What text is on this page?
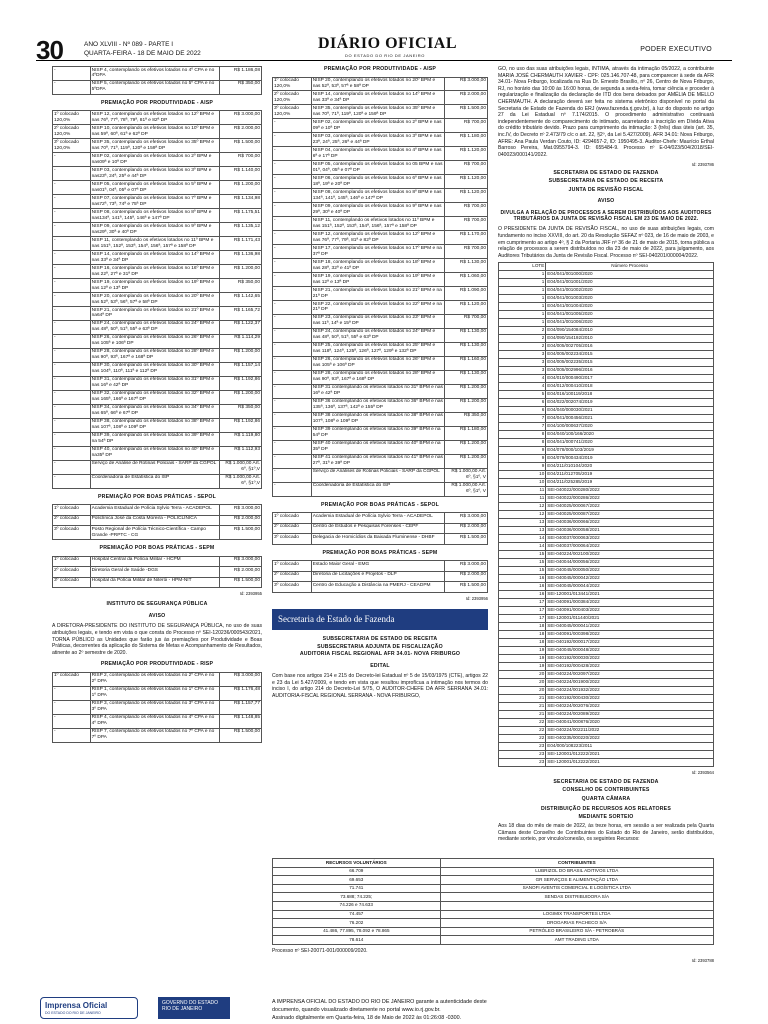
30	ANO XLVIII - Nº 089 - PARTE I
QUARTA-FEIRA - 18 DE MAIO DE 2022
DIÁRIO OFICIAL
DO ESTADO DO RIO DE JANEIRO
PODER EXECUTIVO
-	NISP 4, contemplando os efetivos lotados no 4º CPA e no 4ºDPA	R$ 1.186,08
-	NISP 5, contemplando os efetivos lotados no 5º CPA e no 5ºDPA	R$ 350,00
PREMIAÇÃO POR PRODUTIVIDADE - AISP
1º colocado 120,0%	NISP 12, contemplando os efetivos lotados no 12º BPM e nas 76ª, 77ª, 78ª, 79ª, 81ª e 82ª DP	R$ 3.000,00
2º colocado 120,0%	NISP 10, contemplando os efetivos lotados no 10º BPM e nas 59ª, 60ª, 61ª e 62ª DP	R$ 2.000,00
3º colocado 120,0%	NISP 35, contemplando os efetivos lotados no 35º BPM e nas 70ª, 71ª, 119ª, 120ª e 159ª DP	R$ 1.500,00
-	NISP 02, contemplando os efetivos lotados no 2º BPM e nas09ª e 10ª DP	R$ 700,00
-	NISP 03, contemplando os efetivos lotados no 3º BPM e nas23ª, 24ª, 25ª e 44ª DP	R$ 1.140,00
-	NISP 05, contemplando os efetivos lotados no 5º BPM e nas01ª, 04ª, 05ª e 07ª DP	R$ 1.200,00
-	NISP 07, contemplando os efetivos lotados no 7º BPM e nas72ª, 73ª, 74ª e 75ª DP	R$ 1.134,98
-	NISP 08, contemplando os efetivos lotados no 8º BPM e nas134ª, 141ª, 145ª, 146ª e 147ª DP	R$ 1.175,51
-	NISP 09, contemplando os efetivos lotados no 9º BPM e nas29ª, 30ª e 40ª DP	R$ 1.135,12
-	NISP 11, contemplando os efetivos lotados no 11º BPM e nas 151ª, 152ª, 153ª, 154ª, 156ª, 157ª e 158ª DP	R$ 1.171,43
-	NISP 14, contemplando os efetivos lotados no 14º BPM e nas 33ª e 34ª DP	R$ 1.136,98
-	NISP 16, contemplando os efetivos lotados no 16º BPM e nas 22ª, 27ª e 31ª DP	R$ 1.200,00
-	NISP 19, contemplando os efetivos lotados no 19º BPM e nas 12ª e 13ª DP	R$ 350,00
-	NISP 20, contemplando os efetivos lotados no 20º BPM e nas 52ª, 53ª, 56ª, 57ª e 58ª DP	R$ 1.142,65
-	NISP 21, contemplando os efetivos lotados no 21º BPM e na64ª DP	R$ 1.165,72
-	NISP 24, contemplando os efetivos lotados no 24º BPM e nas 48ª, 50ª, 51ª, 55ª e 63ª DP	R$ 1.122,37
-	NISP 26, contemplando os efetivos lotados no 26º BPM e nas 105ª e 106ª DP	R$ 1.114,29
-	NISP 28, contemplando os efetivos lotados no 28º BPM e nas 90ª, 93ª, 167ª e 168ª DP	R$ 1.200,00
-	NISP 30, contemplando os efetivos lotados no 30º BPM e nas 104ª, 110ª, 111ª e 112ª DP	R$ 1.157,14
-	NISP 31, contemplando os efetivos lotados no 31º BPM e nas 16ª e 42ª DP	R$ 1.192,86
-	NISP 32, contemplando os efetivos lotados no 32º BPM e nas 165ª, 166ª e 167ª DP	R$ 1.200,00
-	NISP 34, contemplando os efetivos lotados no 34º BPM e nas 65ª, 66ª e 67ª DP	R$ 350,00
-	NISP 38, contemplando os efetivos lotados no 38º BPM e nas 107ª, 108ª e 109ª DP	R$ 1.192,86
-	NISP 39, contemplando os efetivos lotados no 39º BPM e na 54ª DP	R$ 1.119,80
-	NISP 40, contemplando os efetivos lotados no 40º BPM e na35ª DP	R$ 1.112,93
-	Serviço de Análise de Rotinas Policiais - SARP da CGPOL	R$ 1.000,00 Art. 6º, §1º,V
-	Coordenadoria de Estatística do ISP	R$ 1.000,00 Art. 6º, §1º,V
PREMIAÇÃO POR BOAS PRÁTICAS - SEPOL
1º colocado	Academia Estadual de Polícia Sylvio Terra - ACADEPOL	R$ 3.000,00
2º colocado	Policlínica José da Costa Moreira - POLICLÍNICA	R$ 2.000,00
3º colocado	Posto Regional de Polícia Técnico-Científica - Campo Grande -PRPTC - CG	R$ 1.500,00
PREMIAÇÃO POR BOAS PRÁTICAS - SEPM
1º colocado	Hospital Central da Polícia Militar - HCPM	R$ 3.000,00
2º colocado	Diretoria Geral de Saúde -DGS	R$ 2.000,00
3º colocado	Hospital da Polícia Militar de Niterói - HPM-NIT	R$ 1.500,00
Id: 2393955
INSTITUTO DE SEGURANÇA PÚBLICA
AVISO

A DIRETORA-PRESIDENTE DO INSTITUTO DE SEGURANÇA PÚBLICA, no uso de suas atribuições legais, e tendo em vista o que consta do Processo nº SEI-120236/000543/2021, TORNA PÚBLICO as Unidades que farão jus às premiações por Produtividade e Boas Práticas, decorrentes da aplicação do Sistema de Metas e Acompanhamento de Resultados, atinente ao 2º semestre de 2020.

PREMIAÇÃO POR PRODUTIVIDADE - RISP
1º colocado	RISP 2, contemplando os efetivos lotados no 2º CPA e no 2º DPA	R$ 3.000,00
-	RISP 1, contemplando os efetivos lotados no 1º CPA e no 1º DPA	R$ 1.176,48
-	RISP 3, contemplando os efetivos lotados no 3º CPA e no 3º DPA	R$ 1.157,77
-	RISP 4, contemplando os efetivos lotados no 4º CPA e no 4º DPA	R$ 1.148,85
-	RISP 7, contemplando os efetivos lotados no 7º CPA e no 7º DPA	R$ 1.500,00
PREMIAÇÃO POR PRODUTIVIDADE - AISP
1º colocado 120,0%	NISP 20, contemplando os efetivos lotados no 20º BPM e nas 52ª, 53ª, 57ª e 58ª DP	R$ 3.000,00
2º colocado 120,0%	NISP 14, contemplando os efetivos lotados no 14º BPM e nas 33ª e 34ª DP	R$ 2.000,00
3º colocado 120,0%	NISP 35, contemplando os efetivos lotados no 35º BPM e nas 70ª, 71ª, 119ª, 120ª e 159ª DP	R$ 1.500,00
-	NISP 02, contemplando os efetivos lotados no 2º BPM e nas 09ª e 10ª DP	R$ 700,00
-	NISP 03, contemplando os efetivos lotados no 3º BPM e nas 23ª, 24ª, 25ª, 26ª e 44ª DP	R$ 1.180,00
-	NISP 04, contemplando os efetivos lotados no 4º BPM e nas 6ª e 17ª DP	R$ 1.120,00
-	NISP 05, contemplando os efetivos lotados no 05 BPM e nas 01ª, 04ª, 05ª e 07ª DP	R$ 700,00
-	NISP 06, contemplando os efetivos lotados no 6º BPM e nas 18ª, 19ª e 20ª DP	R$ 1.120,00
-	NISP 08, contemplando os efetivos lotados no 8º BPM e nas 134ª, 141ª, 145ª, 146ª e 147ª DP	R$ 1.120,00
-	NISP 09, contemplando os efetivos lotados no 9º BPM e nas 29ª, 30ª e 40ª DP	R$ 700,00
-	NISP 11, contemplando os efetivos lotados no 11º BPM e nas 151ª, 152ª, 153ª, 154ª, 156ª, 157ª e 158ª DP	R$ 700,00
-	NISP 12, contemplando os efetivos lotados no 12º BPM e nas 76ª, 77ª, 79ª, 81ª e 82ª DP	R$ 1.170,00
-	NISP 17, contemplando os efetivos lotados no 17º BPM e na 37ª DP	R$ 700,00
-	NISP 18, contemplando os efetivos lotados no 18º BPM e nas 28ª, 32ª e 41ª DP	R$ 1.130,00
-	NISP 19, contemplando os efetivos lotados no 19º BPM e nas 12ª e 13ª DP	R$ 1.060,00
-	NISP 21, contemplando os efetivos lotados no 21º BPM e na 21ª DP	R$ 1.090,00
-	NISP 22, contemplando os efetivos lotados no 22º BPM e na 21ª DP	R$ 1.120,00
-	NISP 23, contemplando os efetivos lotados no 23º BPM e nas 11ª, 14ª e 15ª DP	R$ 700,00
-	NISP 24, contemplando os efetivos lotados no 24º BPM e nas 48ª, 50ª, 51ª, 55ª e 63ª DP	R$ 1.130,00
-	NISP 25, contemplando os efetivos lotados no 25º BPM e nas 118ª, 124ª, 125ª, 126ª, 127ª, 129ª e 132ª DP	R$ 1.130,00
-	NISP 26, contemplando os efetivos lotados no 26º BPM e nas 105ª e 106ª DP	R$ 1.160,00
-	NISP 28, contemplando os efetivos lotados no 28º BPM e nas 90ª, 93ª, 167ª e 168ª DP	R$ 1.130,00
-	NISP 31 contemplando os efetivos lotados no 31º BPM e nas 16ª e 42ª DP	R$ 1.200,00
-	NISP 36 contemplando os efetivos lotados no 36º BPM e nas 135ª, 136ª, 137ª, 142ª e 155ª DP	R$ 1.200,00
-	NISP 38 contemplando os efetivos lotados no 38º BPM e nas 107ª, 108ª e 109ª DP	R$ 350,00
-	NISP 39 contemplando os efetivos lotados no 39º BPM e na 54ª DP	R$ 1.180,00
-	NISP 40 contemplando os efetivos lotados no 40º BPM e na 35ª DP	R$ 1.200,00
-	NISP 41 contemplando os efetivos lotados no 41º BPM e nas 27ª, 31ª e 39ª DP	R$ 1.200,00
-	Serviço de Análises de Rotinas Policiais - SARP da CGPOL	R$ 1.000,00 Art. 6º, §1º, V
-	Coordenadoria de Estatística do ISP	R$ 1.000,00 Art. 6º, §1º, V
PREMIAÇÃO POR BOAS PRÁTICAS - SEPOL
1º colocado	Academia Estadual de Polícia Sylvio Terra - ACADEPOL	R$ 3.000,00
2º colocado	Centro de Estudos e Pesquisas Forenses - CEPF	R$ 2.000,00
3º colocado	Delegacia de Homicídios da Baixada Fluminense - DHBF	R$ 1.500,00
PREMIAÇÃO POR BOAS PRÁTICAS - SEPM
1º colocado	Estado Maior Geral - EMG	R$ 3.000,00
2º colocado	Diretoria de Licitações e Projetos - DLP	R$ 2.000,00
3º colocado	Centro de Educação a Distância na PMERJ - CEADPM	R$ 1.500,00
Id: 2393956
Secretaria de Estado de Fazenda
SUBSECRETARIA DE ESTADO DE RECEITA
SUBSECRETARIA ADJUNTA DE FISCALIZAÇÃO
AUDITORIA FISCAL REGIONAL AFR 34.01- NOVA FRIBURGO
EDITAL

Com base nos artigos 214 e 215 do Decreto-lei Estadual nº 5 de 15/03/1975 (CTE), artigos 22 e 23 da Lei 5.427/2009, e tendo em vista que resultou improfícua a intimação nos termos do inciso I, do artigo 214 do Decreto-Lei 5/75, O AUDITOR-CHEFE DA AFR SERRANA 34.01: AUDITORIA-FISCAL REGIONAL SERRANA - NOVA FRIBURGO,

GO, no uso das suas atribuições legais, INTIMA, através da intimação 05/2022, a contribuinte MARIA JOSÉ CHERMAUTH XAVIER - CPF: 025.146.707-48, para comparecer à sede da AFR 34.01- Nova Friburgo, localizada na Rua Dr. Ernesto Brasílio, nº 26, Centro de Nova Friburgo, RJ, no horário das 10:00 às 16:00 horas, de segunda a sexta-feira, tomar ciência e proceder à regularização e finalização da declaração de ITD dos bens deixados por AMÉLIA DE MELLO CHERMAUTH. A declaração deverá ser feita no sistema eletrônico disponível no portal da Secretaria de Estado de Fazenda do ERJ (www.fazenda.rj.gov.br), à luz do disposto no artigo 27 da Lei Estadual nº 7.174/2015. O procedimento administrativo continuará independentemente do comparecimento do intimado, acarretando a inscrição em Dívida Ativa do crédito tributário devido. Prazo para cumprimento da intimação: 3 (três) dias úteis (art. 35, inc.IV, do Decreto nº 2.473/79 c/c o art. 22, §2º, da Lei 5.427/2009). AFR 34.01: Nova Friburgo, AFRE: Ana Paula Verdan Couto, ID: 4294657-2, ID: 1950495-3. Auditor-Chefe: Maurício Erthal Barroso Pereira, Mat.0955794-3. ID: 655484-9. Processo nº E-04/023/504/2018/SEI-040023/000141/2022.

Id: 2393786
SECRETARIA DE ESTADO DE FAZENDA
SUBSECRETARIA DE ESTADO DE RECEITA
JUNTA DE REVISÃO FISCAL
AVISO
DIVULGA A RELAÇÃO DE PROCESSOS A SEREM DISTRIBUÍDOS AOS AUDITORES TRIBUTÁRIOS DA JUNTA DE REVISÃO FISCAL EM 23 DE MAIO DE 2022.

O PRESIDENTE DA JUNTA DE REVISÃO FISCAL, no uso de suas atribuições legais, com fundamento no inciso XXVIII, do art. 20 da Resolução SEFAZ nº 023, de 16 de maio de 2003, e em cumprimento ao artigo 4º, § 2 da Portaria JRF nº 36 de 21 de maio de 2015, torna pública a relação de processos a serem distribuídos no dia 23 de maio de 2022, para julgamento, aos Auditores Tributários da Junta de Revisão Fiscal. Processo nº SEI-040201/000004/2022.

LOTE	Número Processo
1	E04/041/001000/2020
1	E04/041/001001/2020
1	E04/041/001002/2020
1	E04/041/001003/2020
1	E04/041/001004/2020
1	E04/041/001005/2020
1	E04/041/001006/2020
2	E04/090/154084/2010
2	E04/090/154192/2010
2	E04/005/002705/2016
3	E04/005/002234/2015
3	E04/005/002235/2015
3	E04/005/002996/2016
4	E04/010/000490/2017
4	E04/012/000410/2018
5	E04/016/100119/2018
6	E04/022/002074/2019
6	E04/040/000030/2021
7	E04/041/000456/2021
7	E04/100/000637/2020
8	E04/040/100/166/2020
8	E04/041/000741/2020
9	E04/078/000/103/2019
9	E04/079/000434/2019
9	E04/211/010104/2020
10	E04/211/012705/2019
10	E04/211/025285/2019
11	SEI-040022/000280/2022
11	SEI-040022/000286/2022
12	SEI-040025/000067/2022
12	SEI-040025/000087/2022
13	SEI-040036/000066/2022
13	SEI-040036/000058/2021
14	SEI-040037/000063/2022
14	SEI-040037/000064/2022
15	SEI-040224/002100/2022
15	SEI-040044/000056/2022
15	SEI-040045/000050/2022
16	SEI-040045/000042/2022
16	SEI-040045/000044/2022
16	SEI-120001/013441/2021
17	SEI-040091/000384/2022
17	SEI-040091/000403/2022
17	SEI-120001/011440/2021
18	SEI-040045/000041/2022
18	SEI-040091/000398/2022
18	SEI-040192/000017/2022
19	SEI-040045/000048/2022
19	SEI-040192/000030/2022
19	SEI-040192/000428/2022
20	SEI-040224/002097/2022
20	SEI-040224/001900/2022
20	SEI-040224/001932/2022
21	SEI-040192/000430/2022
21	SEI-040224/002076/2022
21	SEI-040224/002089/2022
22	SEI-040041/000876/2020
22	SEI-040224/002211/2022
22	SEI-040235/000220/2022
23	E04/000/108223/2011
23	SEI-120001/012222/2021
23	SEI-120001/012222/2021
Id: 2393564
SECRETARIA DE ESTADO DE FAZENDA
CONSELHO DE CONTRIBUINTES
QUARTA CÂMARA
DISTRIBUIÇÃO DE RECURSOS AOS RELATORES
MEDIANTE SORTEIO

Aos 18 dias do mês de maio de 2022, às treze horas, em sessão a ser realizada pela Quarta Câmara deste Conselho de Contribuintes do Estado do Rio de Janeiro, serão distribuídos, mediante sorteio, por vinculo/conexão, os seguintes Recursos:

RECURSOS VOLUNTÁRIOS	CONTRIBUINTES
66.709	LUBRIZOL DO BRASIL ADITIVOS LTDA
69.653	GR SERVIÇOS E ALIMENTAÇÃO LTDA
71.741	SANOFI AVENTIS COMERCIAL E LOGÍSTICA LTDA
73.688; 74.225;	SENDAS DISTRIBUIDORA S/A
74.226 e 74.633	
74.457	LOGIMIX TRANSPORTES LTDA
76.202	DROGARIAS PACHECO S/A
41.486, 77.895, 78.092 e 78.865	PETRÓLEO BRASILEIRO S/A - PETROBRÁS
78.614	AMT TRADING LTDA

Processo nº SEI-20071-001/000009/2020.

Id: 2393788
Imprensa Oficial
DO ESTADO DO RIO DE JANEIRO
GOVERNO DO ESTADO RIO DE JANEIRO
A IMPRENSA OFICIAL DO ESTADO DO RIO DE JANEIRO garante a autenticidade deste
documento, quando visualizado diretamente no portal www.io.rj.gov.br.
Assinado digitalmente em Quarta-feira, 18 de Maio de 2022 às 01:26:08 -0300.
